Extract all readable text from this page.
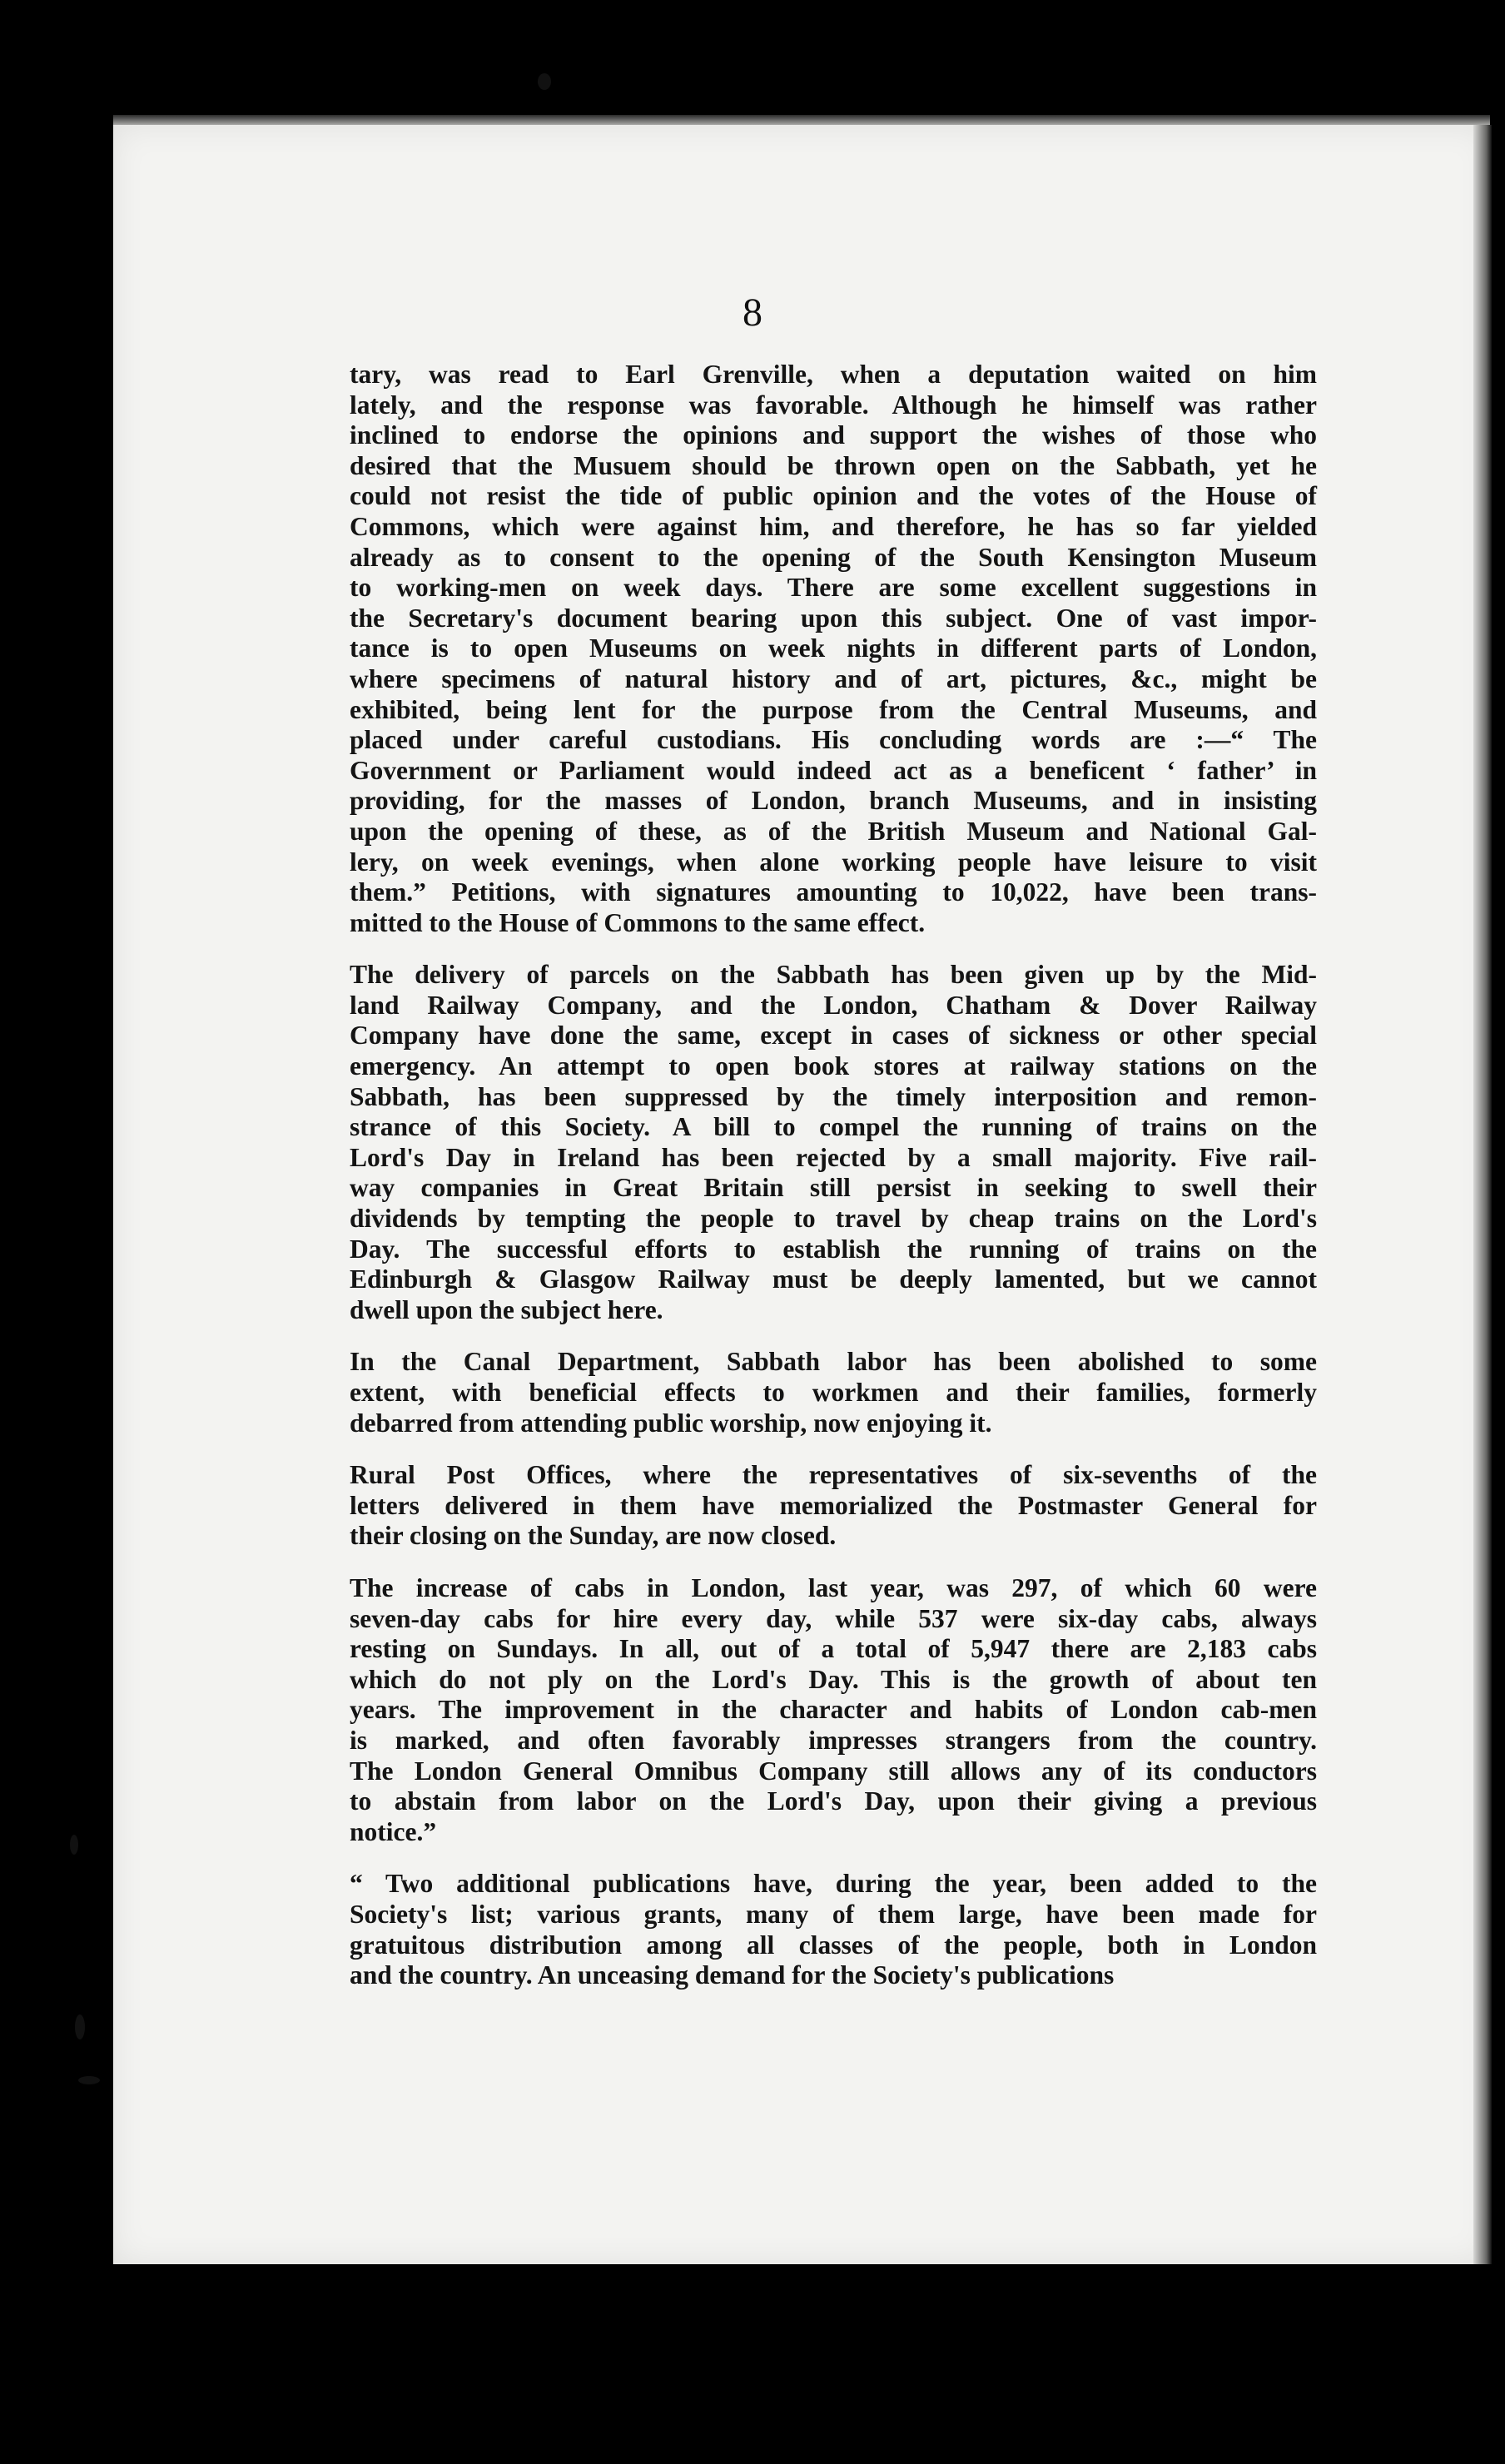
8
tary, was read to Earl Grenville, when a deputation waited on him
lately, and the response was favorable. Although he himself was rather
inclined to endorse the opinions and support the wishes of those who
desired that the Musuem should be thrown open on the Sabbath, yet he
could not resist the tide of public opinion and the votes of the House of
Commons, which were against him, and therefore, he has so far yielded
already as to consent to the opening of the South Kensington Museum
to working-men on week days. There are some excellent suggestions in
the Secretary's document bearing upon this subject. One of vast impor-
tance is to open Museums on week nights in different parts of London,
where specimens of natural history and of art, pictures, &c., might be
exhibited, being lent for the purpose from the Central Museums, and
placed under careful custodians. His concluding words are :—“ The
Government or Parliament would indeed act as a beneficent ‘ father’ in
providing, for the masses of London, branch Museums, and in insisting
upon the opening of these, as of the British Museum and National Gal-
lery, on week evenings, when alone working people have leisure to visit
them.” Petitions, with signatures amounting to 10,022, have been trans-
mitted to the House of Commons to the same effect.
The delivery of parcels on the Sabbath has been given up by the Mid-
land Railway Company, and the London, Chatham & Dover Railway
Company have done the same, except in cases of sickness or other special
emergency. An attempt to open book stores at railway stations on the
Sabbath, has been suppressed by the timely interposition and remon-
strance of this Society. A bill to compel the running of trains on the
Lord's Day in Ireland has been rejected by a small majority. Five rail-
way companies in Great Britain still persist in seeking to swell their
dividends by tempting the people to travel by cheap trains on the Lord's
Day. The successful efforts to establish the running of trains on the
Edinburgh & Glasgow Railway must be deeply lamented, but we cannot
dwell upon the subject here.
In the Canal Department, Sabbath labor has been abolished to some
extent, with beneficial effects to workmen and their families, formerly
debarred from attending public worship, now enjoying it.
Rural Post Offices, where the representatives of six-sevenths of the
letters delivered in them have memorialized the Postmaster General for
their closing on the Sunday, are now closed.
The increase of cabs in London, last year, was 297, of which 60 were
seven-day cabs for hire every day, while 537 were six-day cabs, always
resting on Sundays. In all, out of a total of 5,947 there are 2,183 cabs
which do not ply on the Lord's Day. This is the growth of about ten
years. The improvement in the character and habits of London cab-men
is marked, and often favorably impresses strangers from the country.
The London General Omnibus Company still allows any of its conductors
to abstain from labor on the Lord's Day, upon their giving a previous
notice.”
“ Two additional publications have, during the year, been added to the
Society's list; various grants, many of them large, have been made for
gratuitous distribution among all classes of the people, both in London
and the country. An unceasing demand for the Society's publications
